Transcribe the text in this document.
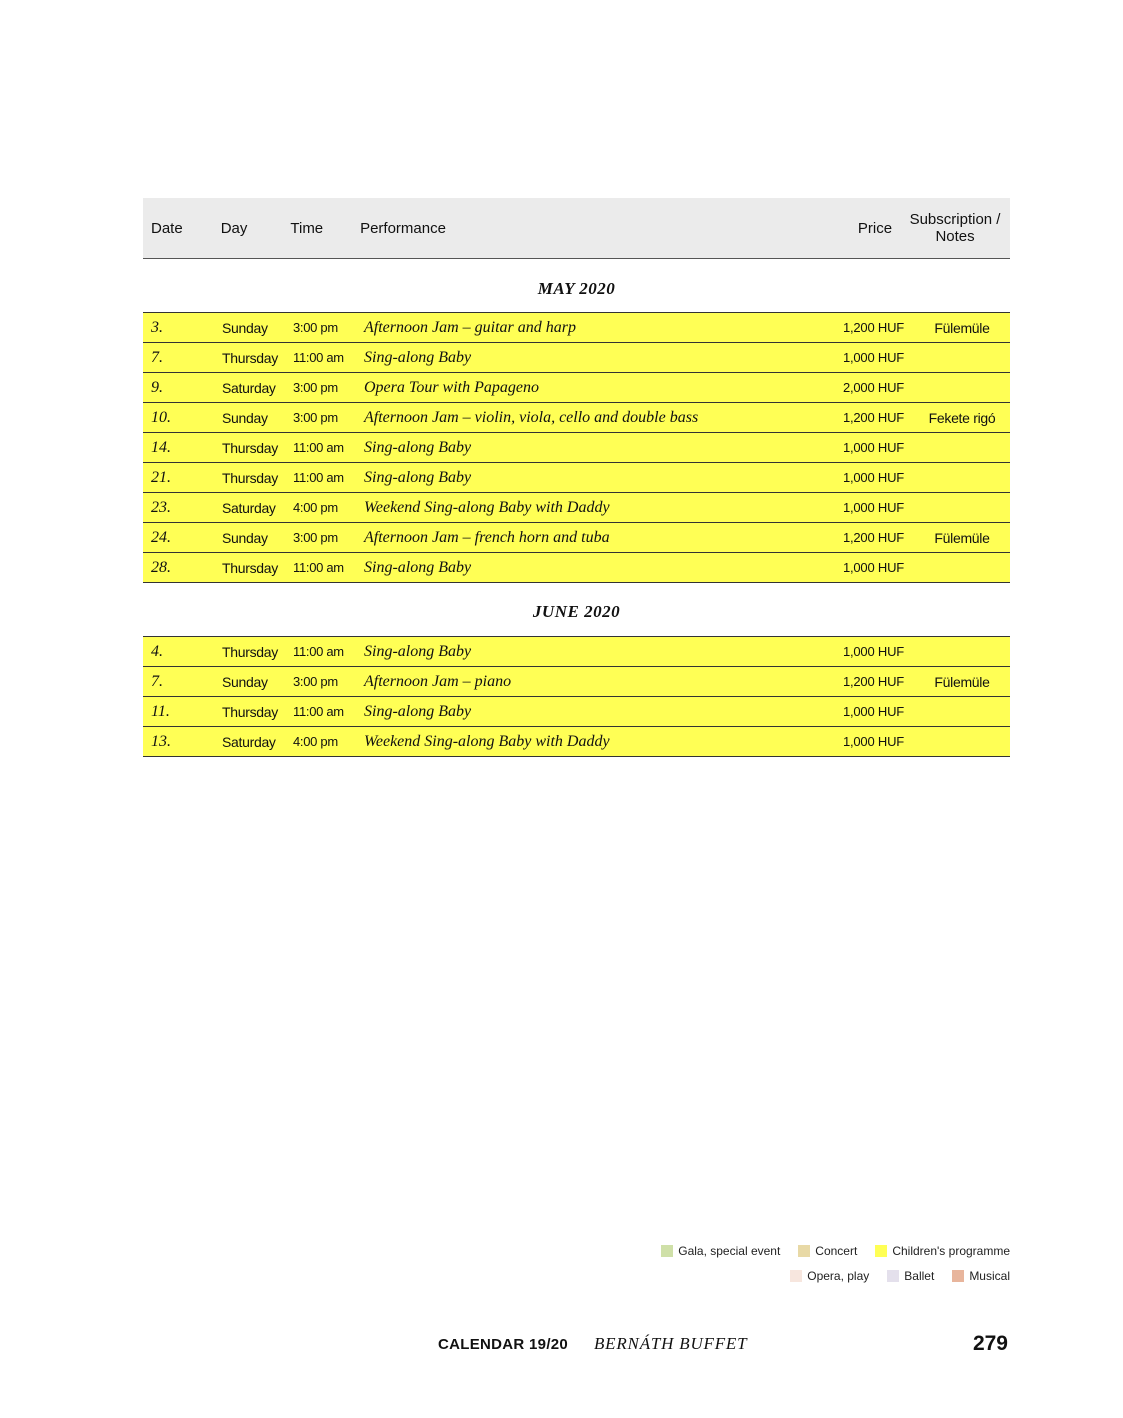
Date	Day	Time	Performance	Price	Subscription / Notes
MAY 2020
3.	Sunday	3:00 pm	Afternoon Jam – guitar and harp	1,200 HUF	Fülemüle
7.	Thursday	11:00 am	Sing-along Baby	1,000 HUF
9.	Saturday	3:00 pm	Opera Tour with Papageno	2,000 HUF
10.	Sunday	3:00 pm	Afternoon Jam – violin, viola, cello and double bass	1,200 HUF	Fekete rigó
14.	Thursday	11:00 am	Sing-along Baby	1,000 HUF
21.	Thursday	11:00 am	Sing-along Baby	1,000 HUF
23.	Saturday	4:00 pm	Weekend Sing-along Baby with Daddy	1,000 HUF
24.	Sunday	3:00 pm	Afternoon Jam – french horn and tuba	1,200 HUF	Fülemüle
28.	Thursday	11:00 am	Sing-along Baby	1,000 HUF
JUNE 2020
4.	Thursday	11:00 am	Sing-along Baby	1,000 HUF
7.	Sunday	3:00 pm	Afternoon Jam – piano	1,200 HUF	Fülemüle
11.	Thursday	11:00 am	Sing-along Baby	1,000 HUF
13.	Saturday	4:00 pm	Weekend Sing-along Baby with Daddy	1,000 HUF
Gala, special event	Concert	Children's programme
Opera, play	Ballet	Musical
CALENDAR 19/20 BERNÁTH BUFFET	279
